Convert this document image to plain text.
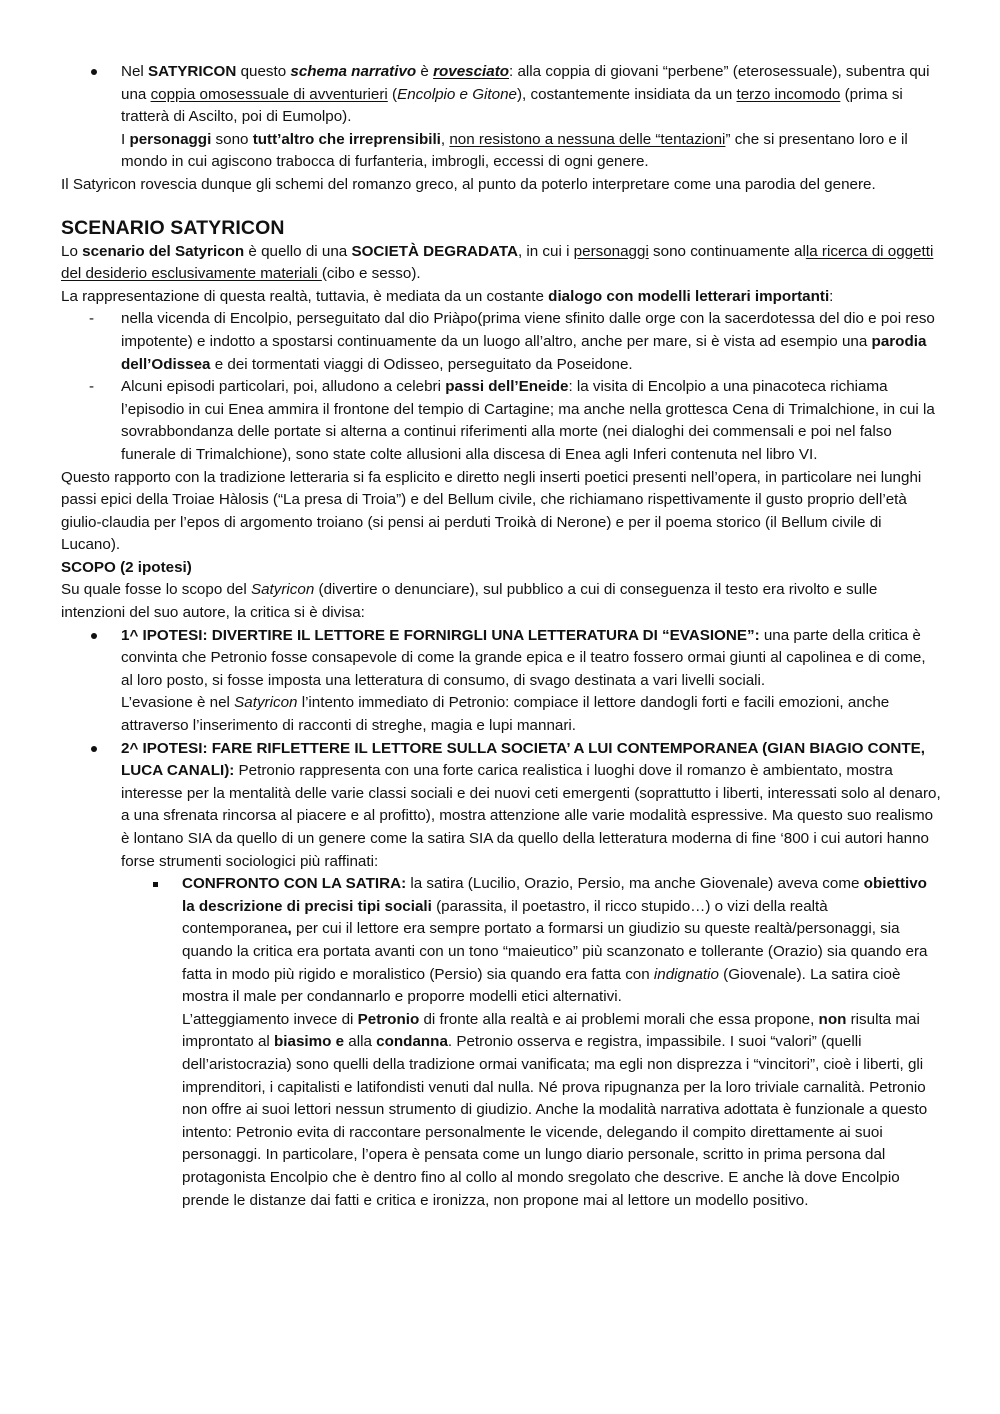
Nel SATYRICON questo schema narrativo è rovesciato: alla coppia di giovani “perbene” (eterosessuale), subentra qui una coppia omosessuale di avventurieri (Encolpio e Gitone), costantemente insidiata da un terzo incomodo (prima si tratterà di Ascilto, poi di Eumolpo).

I personaggi sono tutt’altro che irreprensibili, non resistono a nessuna delle “tentazioni” che si presentano loro e il mondo in cui agiscono trabocca di furfanteria, imbrogli, eccessi di ogni genere.

Il Satyricon rovescia dunque gli schemi del romanzo greco, al punto da poterlo interpretare come una parodia del genere.

SCENARIO SATYRICON

Lo scenario del Satyricon è quello di una SOCIETÀ DEGRADATA, in cui i personaggi sono continuamente alla ricerca di oggetti del desiderio esclusivamente materiali (cibo e sesso).

La rappresentazione di questa realtà, tuttavia, è mediata da un costante dialogo con modelli letterari importanti:

- nella vicenda di Encolpio, perseguitato dal dio Priàpo(prima viene sfinito dalle orge con la sacerdotessa del dio e poi reso impotente) e indotto a spostarsi continuamente da un luogo all’altro, anche per mare, si è vista ad esempio una parodia dell’Odissea e dei tormentati viaggi di Odisseo, perseguitato da Poseidone.

- Alcuni episodi particolari, poi, alludono a celebri passi dell’Eneide: la visita di Encolpio a una pinacoteca richiama l’episodio in cui Enea ammira il frontone del tempio di Cartagine; ma anche nella grottesca Cena di Trimalchione, in cui la sovrabbondanza delle portate si alterna a continui riferimenti alla morte (nei dialoghi dei commensali e poi nel falso funerale di Trimalchione), sono state colte allusioni alla discesa di Enea agli Inferi contenuta nel libro VI.

Questo rapporto con la tradizione letteraria si fa esplicito e diretto negli inserti poetici presenti nell’opera, in particolare nei lunghi passi epici della Troiae Hàlosis (“La presa di Troia”) e del Bellum civile, che richiamano rispettivamente il gusto proprio dell’età giulio-claudia per l’epos di argomento troiano (si pensi ai perduti Troikà di Nerone) e per il poema storico (il Bellum civile di Lucano).

SCOPO (2 ipotesi)

Su quale fosse lo scopo del Satyricon (divertire o denunciare), sul pubblico a cui di conseguenza il testo era rivolto e sulle intenzioni del suo autore, la critica si è divisa:

1^ IPOTESI: DIVERTIRE IL LETTORE E FORNIRGLI UNA LETTERATURA DI “EVASIONE”: una parte della critica è convinta che Petronio fosse consapevole di come la grande epica e il teatro fossero ormai giunti al capolinea e di come, al loro posto, si fosse imposta una letteratura di consumo, di svago destinata a vari livelli sociali.

L’evasione è nel Satyricon l’intento immediato di Petronio: compiace il lettore dandogli forti e facili emozioni, anche attraverso l’inserimento di racconti di streghe, magia e lupi mannari.

2^ IPOTESI: FARE RIFLETTERE IL LETTORE SULLA SOCIETA’ A LUI CONTEMPORANEA (GIAN BIAGIO CONTE, LUCA CANALI): Petronio rappresenta con una forte carica realistica i luoghi dove il romanzo è ambientato, mostra interesse per la mentalità delle varie classi sociali e dei nuovi ceti emergenti (soprattutto i liberti, interessati solo al denaro, a una sfrenata rincorsa al piacere e al profitto), mostra attenzione alle varie modalità espressive. Ma questo suo realismo è lontano SIA da quello di un genere come la satira SIA da quello della letteratura moderna di fine ‘800 i cui autori hanno forse strumenti sociologici più raffinati:

CONFRONTO CON LA SATIRA: la satira (Lucilio, Orazio, Persio, ma anche Giovenale) aveva come obiettivo la descrizione di precisi tipi sociali (parassita, il poetastro, il ricco stupido…) o vizi della realtà contemporanea, per cui il lettore era sempre portato a formarsi un giudizio su queste realtà/personaggi, sia quando la critica era portata avanti con un tono “maieutico” più scanzonato e tollerante (Orazio) sia quando era fatta in modo più rigido e moralistico (Persio) sia quando era fatta con indignatio (Giovenale). La satira cioè mostra il male per condannarlo e proporre modelli etici alternativi.

L’atteggiamento invece di Petronio di fronte alla realtà e ai problemi morali che essa propone, non risulta mai improntato al biasimo e alla condanna. Petronio osserva e registra, impassibile. I suoi “valori” (quelli dell’aristocrazia) sono quelli della tradizione ormai vanificata; ma egli non disprezza i “vincitori”, cioè i liberti, gli imprenditori, i capitalisti e latifondisti venuti dal nulla. Né prova ripugnanza per la loro triviale carnalità. Petronio non offre ai suoi lettori nessun strumento di giudizio. Anche la modalità narrativa adottata è funzionale a questo intento: Petronio evita di raccontare personalmente le vicende, delegando il compito direttamente ai suoi personaggi. In particolare, l’opera è pensata come un lungo diario personale, scritto in prima persona dal protagonista Encolpio che è dentro fino al collo al mondo sregolato che descrive. E anche là dove Encolpio prende le distanze dai fatti e critica e ironizza, non propone mai al lettore un modello positivo.
